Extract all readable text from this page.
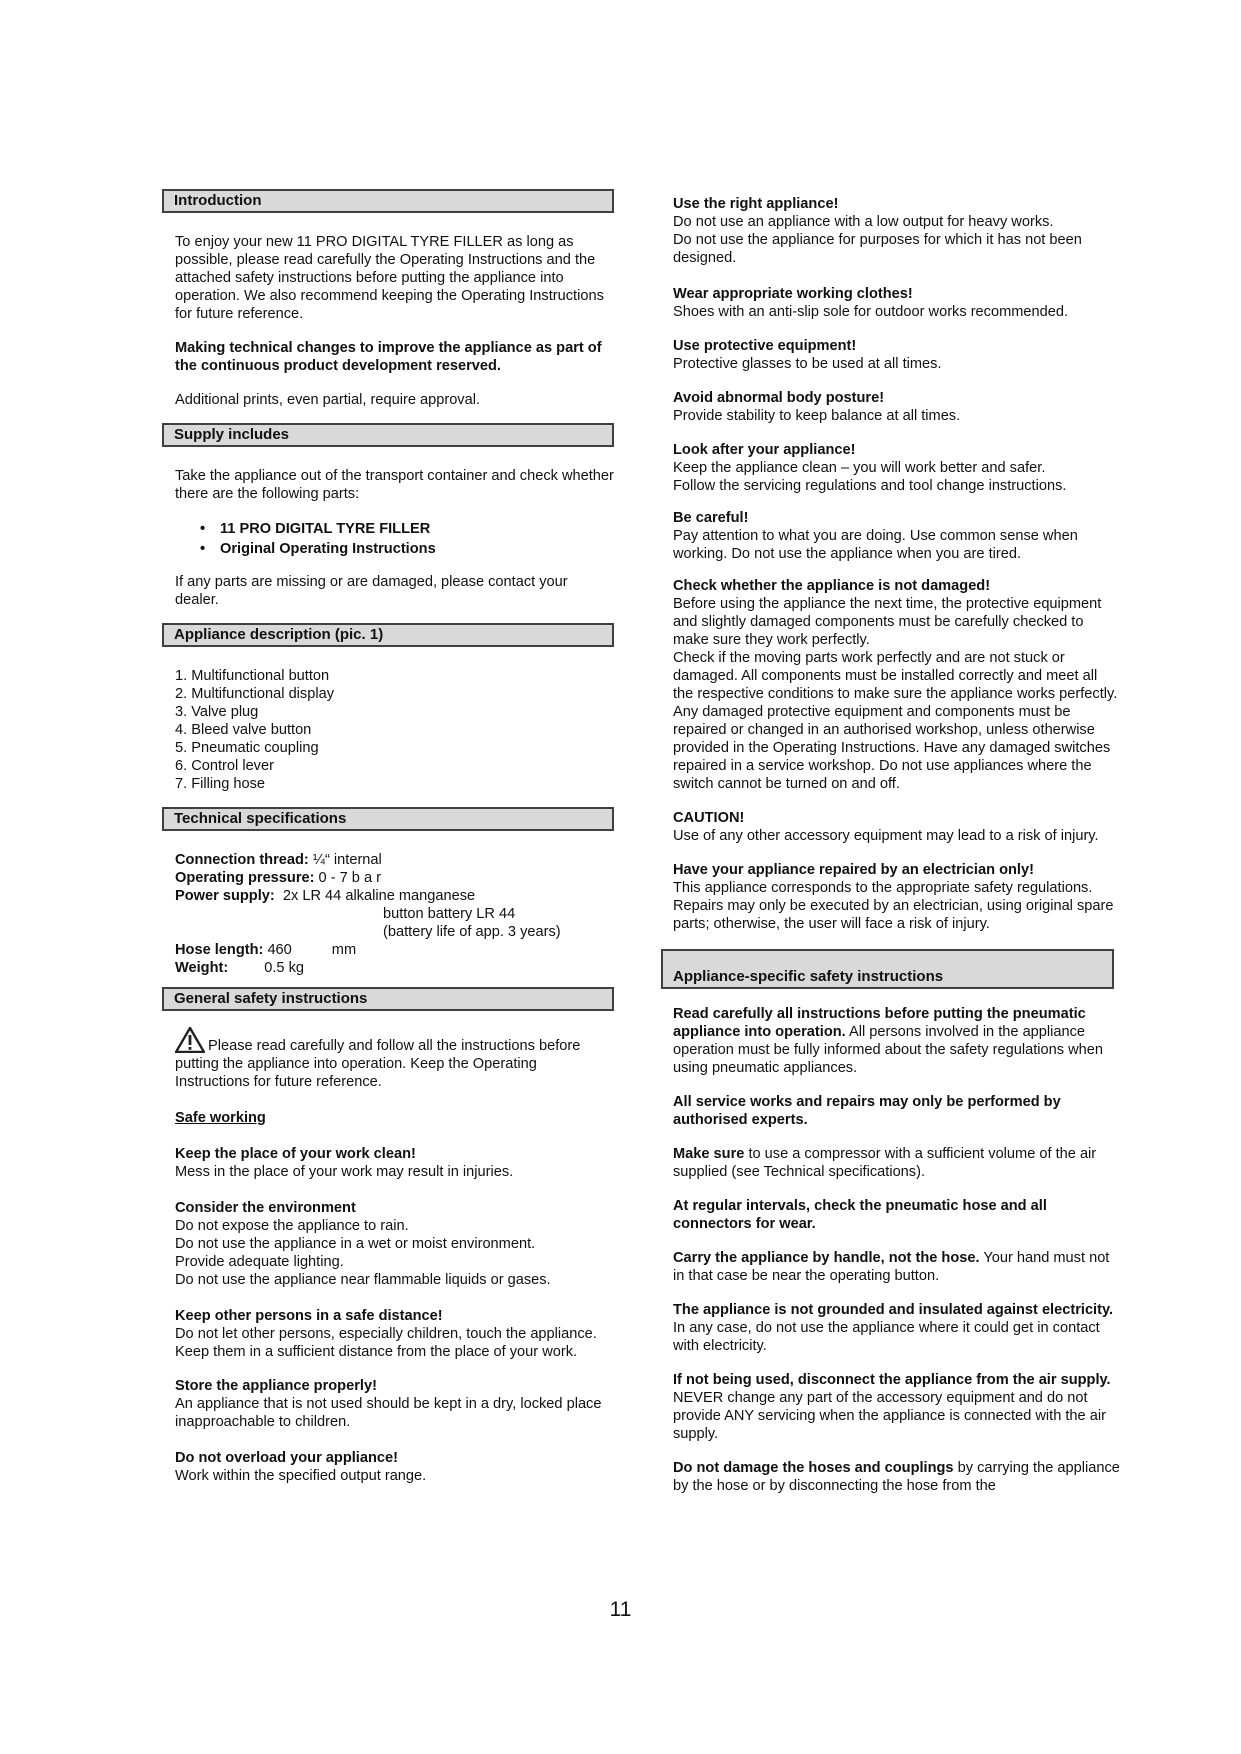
Introduction

To enjoy your new 11 PRO DIGITAL TYRE FILLER as long as possible, please read carefully the Operating Instructions and the attached safety instructions before putting the appliance into operation. We also recommend keeping the Operating Instructions for future reference.

Making technical changes to improve the appliance as part of the continuous product development reserved.

Additional prints, even partial, require approval.

Supply includes

Take the appliance out of the transport container and check whether there are the following parts:

• 11 PRO DIGITAL TYRE FILLER
• Original Operating Instructions

If any parts are missing or are damaged, please contact your dealer.

Appliance description (pic. 1)
1. Multifunctional button
2. Multifunctional display
3. Valve plug
4. Bleed valve button
5. Pneumatic coupling
6. Control lever
7. Filling hose
Technical specifications
Connection thread: ¼“ internal
Operating pressure: 0 - 7 b a r
Power supply: 2x LR 44 alkaline manganese
button battery LR 44
(battery life of app. 3 years)
Hose length: 460	mm
Weight: 0.5 kg
General safety instructions

Please read carefully and follow all the instructions before putting the appliance into operation. Keep the Operating Instructions for future reference.

Safe working

Keep the place of your work clean!
Mess in the place of your work may result in injuries.
Consider the environment
Do not expose the appliance to rain.
Do not use the appliance in a wet or moist environment.
Provide adequate lighting.
Do not use the appliance near flammable liquids or gases.
Keep other persons in a safe distance!
Do not let other persons, especially children, touch the appliance. Keep them in a sufficient distance from the place of your work.
Store the appliance properly!
An appliance that is not used should be kept in a dry, locked place inapproachable to children.
Do not overload your appliance!
Work within the specified output range.
Use the right appliance!
Do not use an appliance with a low output for heavy works.
Do not use the appliance for purposes for which it has not been designed.
Wear appropriate working clothes!
Shoes with an anti-slip sole for outdoor works recommended.
Use protective equipment!
Protective glasses to be used at all times.
Avoid abnormal body posture!
Provide stability to keep balance at all times.
Look after your appliance!
Keep the appliance clean – you will work better and safer.
Follow the servicing regulations and tool change instructions.
Be careful!
Pay attention to what you are doing. Use common sense when working. Do not use the appliance when you are tired.
Check whether the appliance is not damaged!
Before using the appliance the next time, the protective equipment and slightly damaged components must be carefully checked to make sure they work perfectly.
Check if the moving parts work perfectly and are not stuck or damaged. All components must be installed correctly and meet all the respective conditions to make sure the appliance works perfectly. Any damaged protective equipment and components must be repaired or changed in an authorised workshop, unless otherwise provided in the Operating Instructions. Have any damaged switches repaired in a service workshop. Do not use appliances where the switch cannot be turned on and off.
CAUTION!
Use of any other accessory equipment may lead to a risk of injury.
Have your appliance repaired by an electrician only!
This appliance corresponds to the appropriate safety regulations. Repairs may only be executed by an electrician, using original spare parts; otherwise, the user will face a risk of injury.
Appliance-specific safety instructions

Read carefully all instructions before putting the pneumatic appliance into operation. All persons involved in the appliance operation must be fully informed about the safety regulations when using pneumatic appliances.

All service works and repairs may only be performed by authorised experts.

Make sure to use a compressor with a sufficient volume of the air supplied (see Technical specifications).

At regular intervals, check the pneumatic hose and all connectors for wear.

Carry the appliance by handle, not the hose. Your hand must not in that case be near the operating button.

The appliance is not grounded and insulated against electricity. In any case, do not use the appliance where it could get in contact with electricity.

If not being used, disconnect the appliance from the air supply. NEVER change any part of the accessory equipment and do not provide ANY servicing when the appliance is connected with the air supply.

Do not damage the hoses and couplings by carrying the appliance by the hose or by disconnecting the hose from the

11
